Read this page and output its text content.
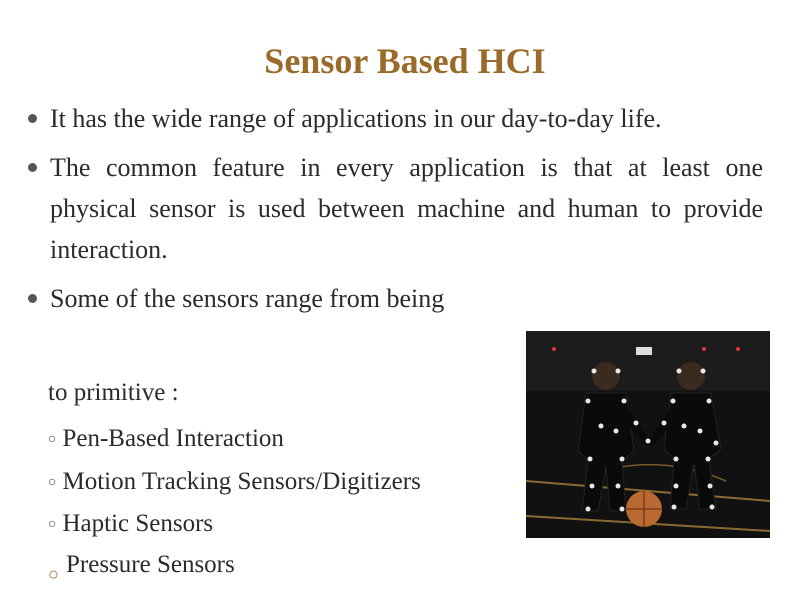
Sensor Based HCI
It has the wide range of applications in our day-to-day life.
The common feature in every application is that at least one physical sensor is used between machine and human to provide interaction.
Some of the sensors range from being
to primitive :
○ Pen-Based Interaction
○ Motion Tracking Sensors/Digitizers
○ Haptic Sensors
Pressure Sensors
○
